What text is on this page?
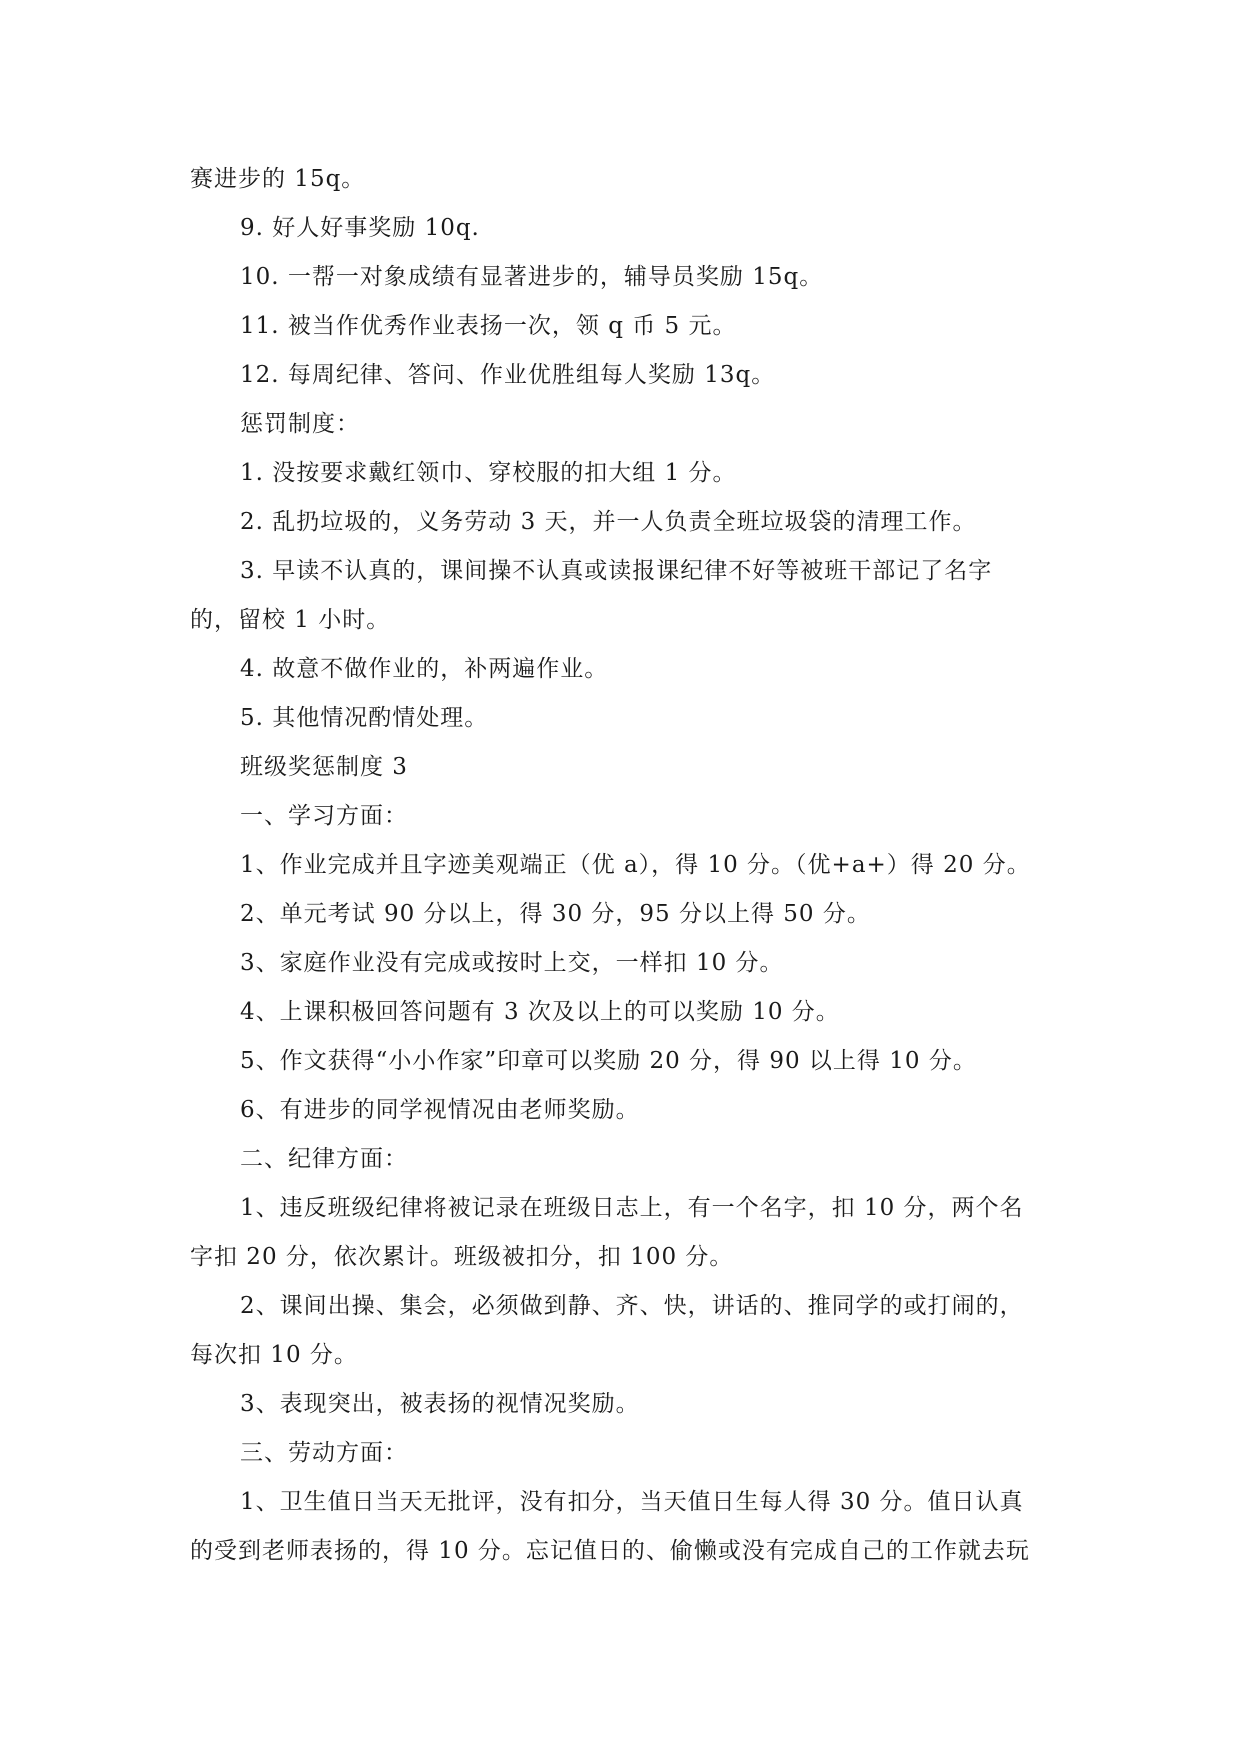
赛进步的 15q。

9. 好人好事奖励 10q.

10. 一帮一对象成绩有显著进步的，辅导员奖励 15q。

11. 被当作优秀作业表扬一次，领 q 币 5 元。

12. 每周纪律、答问、作业优胜组每人奖励 13q。

惩罚制度：

1. 没按要求戴红领巾、穿校服的扣大组 1 分。

2. 乱扔垃圾的，义务劳动 3 天，并一人负责全班垃圾袋的清理工作。

3. 早读不认真的，课间操不认真或读报课纪律不好等被班干部记了名字

的，留校 1 小时。

4. 故意不做作业的，补两遍作业。

5. 其他情况酌情处理。

班级奖惩制度 3

一、学习方面：

1、作业完成并且字迹美观端正（优 a），得 10 分。（优+a+）得 20 分。

2、单元考试 90 分以上，得 30 分，95 分以上得 50 分。

3、家庭作业没有完成或按时上交，一样扣 10 分。

4、上课积极回答问题有 3 次及以上的可以奖励 10 分。

5、作文获得“小小作家”印章可以奖励 20 分，得 90 以上得 10 分。

6、有进步的同学视情况由老师奖励。

二、纪律方面：

1、违反班级纪律将被记录在班级日志上，有一个名字，扣 10 分，两个名

字扣 20 分，依次累计。班级被扣分，扣 100 分。

2、课间出操、集会，必须做到静、齐、快，讲话的、推同学的或打闹的，

每次扣 10 分。

3、表现突出，被表扬的视情况奖励。

三、劳动方面：

1、卫生值日当天无批评，没有扣分，当天值日生每人得 30 分。值日认真

的受到老师表扬的，得 10 分。忘记值日的、偷懒或没有完成自己的工作就去玩
